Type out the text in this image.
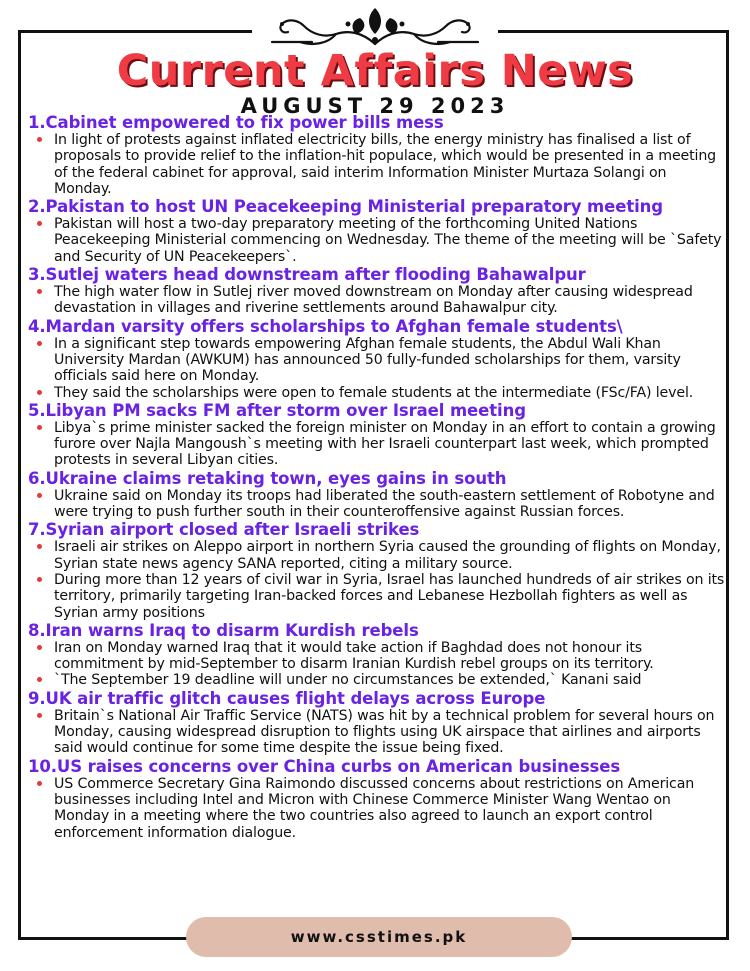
Current Affairs News
AUGUST 29 2023
1.Cabinet empowered to fix power bills mess
In light of protests against inflated electricity bills, the energy ministry has finalised a list of proposals to provide relief to the inflation-hit populace, which would be presented in a meeting of the federal cabinet for approval, said interim Information Minister Murtaza Solangi on Monday.
2.Pakistan to host UN Peacekeeping Ministerial preparatory meeting
Pakistan will host a two-day preparatory meeting of the forthcoming United Nations Peacekeeping Ministerial commencing on Wednesday. The theme of the meeting will be `Safety and Security of UN Peacekeepers`.
3.Sutlej waters head downstream after flooding Bahawalpur
The high water flow in Sutlej river moved downstream on Monday after causing widespread devastation in villages and riverine settlements around Bahawalpur city.
4.Mardan varsity offers scholarships to Afghan female students\
In a significant step towards empowering Afghan female students, the Abdul Wali Khan University Mardan (AWKUM) has announced 50 fully-funded scholarships for them, varsity officials said here on Monday.
They said the scholarships were open to female students at the intermediate (FSc/FA) level.
5.Libyan PM sacks FM after storm over Israel meeting
Libya`s prime minister sacked the foreign minister on Monday in an effort to contain a growing furore over Najla Mangoush`s meeting with her Israeli counterpart last week, which prompted protests in several Libyan cities.
6.Ukraine claims retaking town, eyes gains in south
Ukraine said on Monday its troops had liberated the south-eastern settlement of Robotyne and were trying to push further south in their counteroffensive against Russian forces.
7.Syrian airport closed after Israeli strikes
Israeli air strikes on Aleppo airport in northern Syria caused the grounding of flights on Monday, Syrian state news agency SANA reported, citing a military source.
During more than 12 years of civil war in Syria, Israel has launched hundreds of air strikes on its territory, primarily targeting Iran-backed forces and Lebanese Hezbollah fighters as well as Syrian army positions
8.Iran warns Iraq to disarm Kurdish rebels
Iran on Monday warned Iraq that it would take action if Baghdad does not honour its commitment by mid-September to disarm Iranian Kurdish rebel groups on its territory.
`The September 19 deadline will under no circumstances be extended,` Kanani said
9.UK air traffic glitch causes flight delays across Europe
Britain`s National Air Traffic Service (NATS) was hit by a technical problem for several hours on Monday, causing widespread disruption to flights using UK airspace that airlines and airports said would continue for some time despite the issue being fixed.
10.US raises concerns over China curbs on American businesses
US Commerce Secretary Gina Raimondo discussed concerns about restrictions on American businesses including Intel and Micron with Chinese Commerce Minister Wang Wentao on Monday in a meeting where the two countries also agreed to launch an export control enforcement information dialogue.
www.csstimes.pk
